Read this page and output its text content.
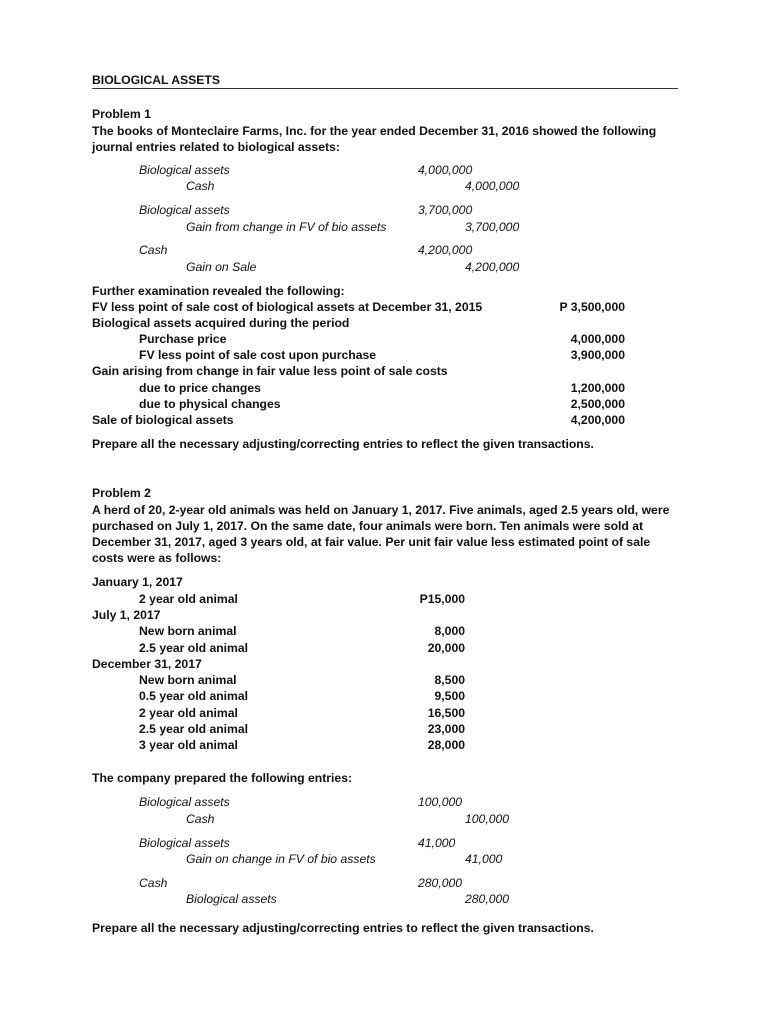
BIOLOGICAL ASSETS
Problem 1
The books of Monteclaire Farms, Inc. for the year ended December 31, 2016 showed the following
journal entries related to biological assets:
Biological assets	4,000,000
Cash	4,000,000
Biological assets	3,700,000
Gain from change in FV of bio assets	3,700,000
Cash	4,200,000
Gain on Sale	4,200,000
Further examination revealed the following:
FV less point of sale cost of biological assets at December 31, 2015	P 3,500,000
Biological assets acquired during the period
Purchase price	4,000,000
FV less point of sale cost upon purchase	3,900,000
Gain arising from change in fair value less point of sale costs
due to price changes	1,200,000
due to physical changes	2,500,000
Sale of biological assets	4,200,000
Prepare all the necessary adjusting/correcting entries to reflect the given transactions.
Problem 2
A herd of 20, 2-year old animals was held on January 1, 2017. Five animals, aged 2.5 years old, were
purchased on July 1, 2017. On the same date, four animals were born. Ten animals were sold at
December 31, 2017, aged 3 years old, at fair value. Per unit fair value less estimated point of sale
costs were as follows:
January 1, 2017
2 year old animal	P15,000
July 1, 2017
New born animal	8,000
2.5 year old animal	20,000
December 31, 2017
New born animal	8,500
0.5 year old animal	9,500
2 year old animal	16,500
2.5 year old animal	23,000
3 year old animal	28,000
The company prepared the following entries:
Biological assets	100,000
Cash	100,000
Biological assets	41,000
Gain on change in FV of bio assets	41,000
Cash	280,000
Biological assets	280,000
Prepare all the necessary adjusting/correcting entries to reflect the given transactions.
